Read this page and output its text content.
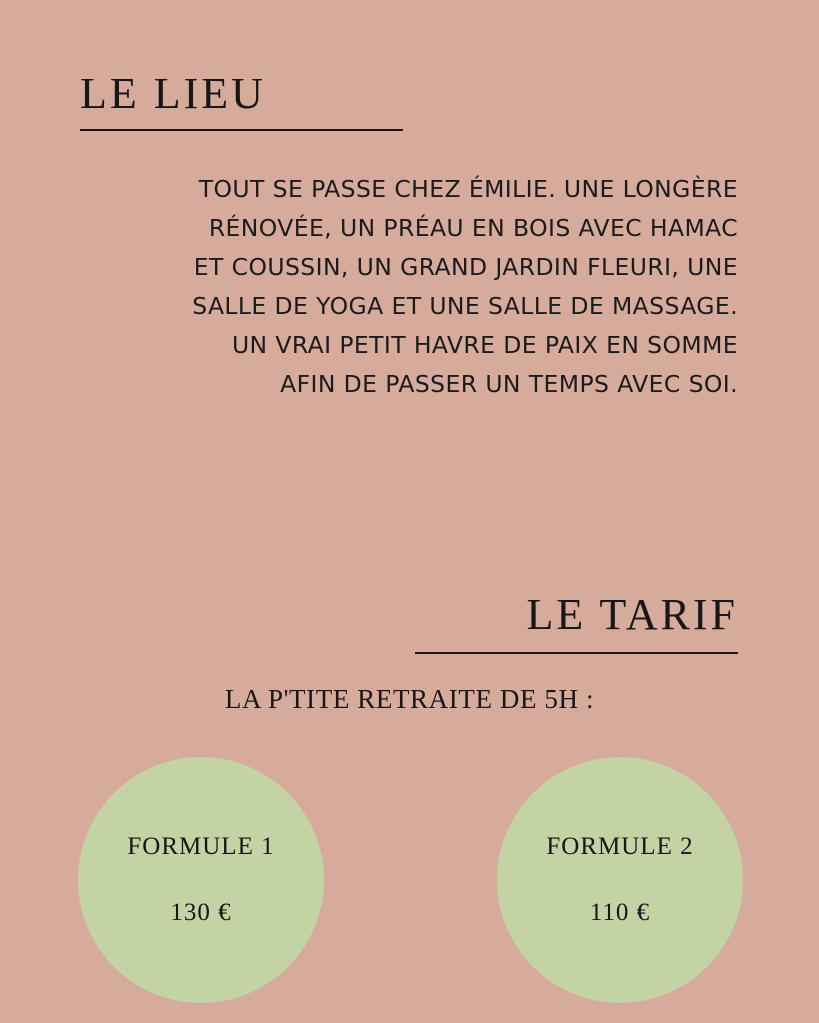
LE LIEU
TOUT SE PASSE CHEZ ÉMILIE. UNE LONGÈRE RÉNOVÉE, UN PRÉAU EN BOIS AVEC HAMAC ET COUSSIN, UN GRAND JARDIN FLEURI, UNE SALLE DE YOGA ET UNE SALLE DE MASSAGE. UN VRAI PETIT HAVRE DE PAIX EN SOMME AFIN DE PASSER UN TEMPS AVEC SOI.
LE TARIF
LA P'TITE RETRAITE DE 5H :
FORMULE 1
130 €
FORMULE 2
110 €
